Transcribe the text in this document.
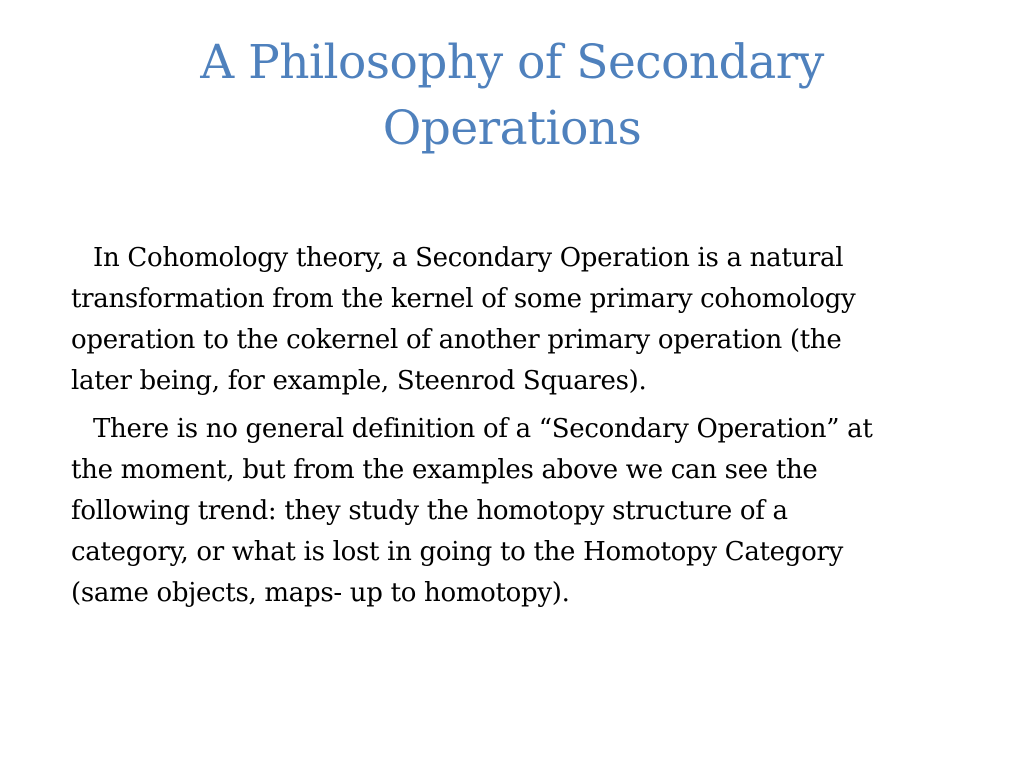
A Philosophy of Secondary
Operations

In Cohomology theory, a Secondary Operation is a natural
transformation from the kernel of some primary cohomology
operation to the cokernel of another primary operation (the
later being, for example, Steenrod Squares).

There is no general definition of a “Secondary Operation” at
the moment, but from the examples above we can see the
following trend: they study the homotopy structure of a
category, or what is lost in going to the Homotopy Category
(same objects, maps- up to homotopy).
